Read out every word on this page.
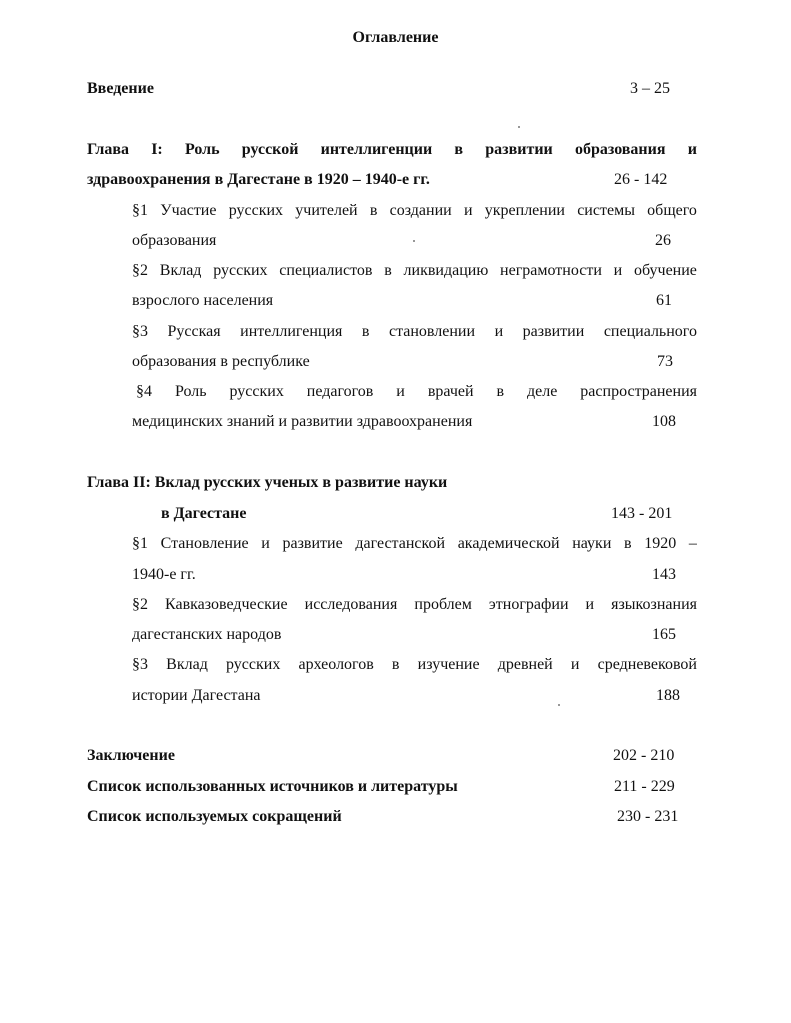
Оглавление
Введение	3 – 25
Глава I: Роль русской интеллигенции в развитии образования и
здравоохранения в Дагестане в 1920 – 1940-е гг.	26 - 142
§1 Участие русских учителей в создании и укреплении системы общего
образования	26
§2 Вклад русских специалистов в ликвидацию неграмотности и обучение
взрослого населения	61
§3 Русская интеллигенция в становлении и развитии специального
образования в республике	73
§4 Роль русских педагогов и врачей в деле распространения
медицинских знаний и развитии здравоохранения	108
Глава II: Вклад русских ученых в развитие науки
в Дагестане	143 - 201
§1 Становление и развитие дагестанской академической науки в 1920 –
1940-е гг.	143
§2 Кавказоведческие исследования проблем этнографии и языкознания
дагестанских народов	165
§3 Вклад русских археологов в изучение древней и средневековой
истории Дагестана	188
Заключение	202 - 210
Список использованных источников и литературы	211 - 229
Список используемых сокращений	230 - 231
